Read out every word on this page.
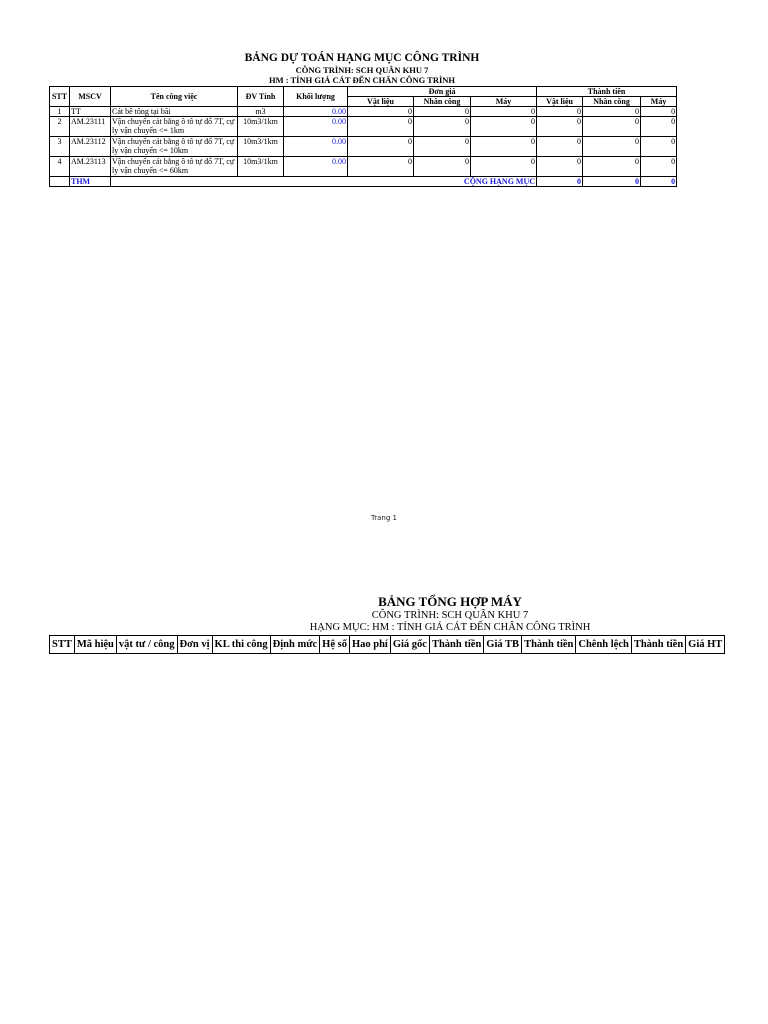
BẢNG DỰ TOÁN HẠNG MỤC CÔNG TRÌNH
CÔNG TRÌNH: SCH QUÂN KHU 7
HM : TÍNH GIÁ CÁT ĐẾN CHÂN CÔNG TRÌNH
STT	MSCV	Tên công việc	ĐV Tính	Khối lượng	Đơn giá			Thành tiền		
					Vật liệu	Nhân công	Máy	Vật liệu	Nhân công	Máy
1	TT	Cát bê tông tại bãi	m3	0.00	0	0	0	0	0	0
2	AM.23111	Vận chuyển cát bằng ô tô tự đổ 7T, cự ly vận chuyển <= 1km	10m3/1km	0.00	0	0	0	0	0	0
3	AM.23112	Vận chuyển cát bằng ô tô tự đổ 7T, cự ly vận chuyển <= 10km	10m3/1km	0.00	0	0	0	0	0	0
4	AM.23113	Vận chuyển cát bằng ô tô tự đổ 7T, cự ly vận chuyển <= 60km	10m3/1km	0.00	0	0	0	0	0	0
	THM	CỘNG HẠNG MỤC						0	0	0
Trang 1
BẢNG TỔNG HỢP MÁY
CÔNG TRÌNH: SCH QUÂN KHU 7
HẠNG MỤC: HM : TÍNH GIÁ CÁT ĐẾN CHÂN CÔNG TRÌNH
STT	Mã hiệu	vật tư / công	Đơn vị	KL thi công	Định mức	Hệ số	Hao phí	Giá gốc	Thành tiền	Giá TB	Thành tiền	Chênh lệch	Thành tiền	Giá HT
